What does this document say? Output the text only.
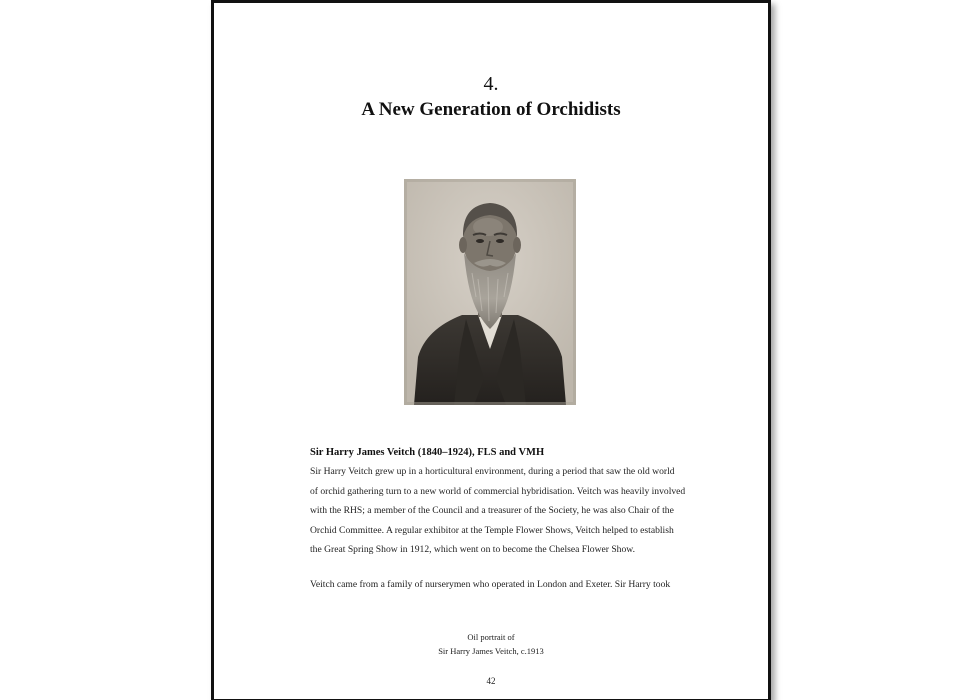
4.
A New Generation of Orchidists
Sir Harry James Veitch (1840–1924), FLS and VMH
Sir Harry Veitch grew up in a horticultural environment, during a period that saw the old world
of orchid gathering turn to a new world of commercial hybridisation. Veitch was heavily involved
with the RHS; a member of the Council and a treasurer of the Society, he was also Chair of the
Orchid Committee. A regular exhibitor at the Temple Flower Shows, Veitch helped to establish
the Great Spring Show in 1912, which went on to become the Chelsea Flower Show.
Veitch came from a family of nurserymen who operated in London and Exeter. Sir Harry took
Oil portrait of
Sir Harry James Veitch, c.1913
42
